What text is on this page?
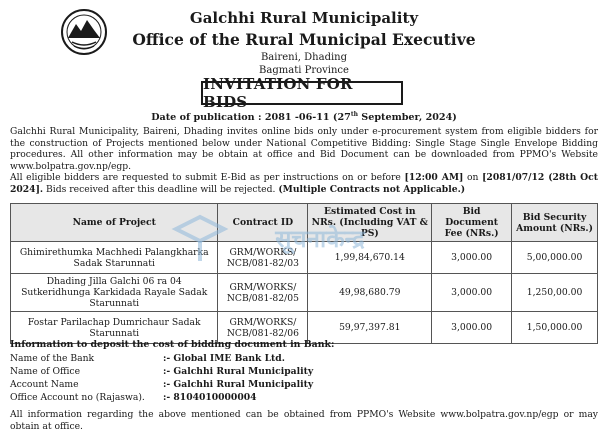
Galchhi Rural Municipality
Office of the Rural Municipal Executive
Baireni, Dhading
Bagmati Province
INVITATION FOR BIDS
Date of publication : 2081 -06-11 (27th September, 2024)

Galchhi Rural Municipality, Baireni, Dhading invites online bids only under e-procurement system from eligible bidders for the construction of Projects mentioned below under National Competitive Bidding: Single Stage Single Envelope Bidding procedures. All other information may be obtain at office and Bid Document can be downloaded from PPMO's Website www.bolpatra.gov.np/egp.

All eligible bidders are requested to submit E-Bid as per instructions on or before [12:00 AM] on [2081/07/12 (28th Oct 2024]. Bids received after this deadline will be rejected. (Multiple Contracts not Applicable.)

Name of Project	Contract ID	Estimated Cost in NRs. (Including VAT & PS)	Bid Document Fee (NRs.)	Bid Security Amount (NRs.)
Ghimirethumka Machhedi Palangkharka Sadak Starunnati	GRM/WORKS/ NCB/081-82/03	1,99,84,670.14	3,000.00	5,00,000.00
Dhading Jilla Galchi 06 ra 04 Sutkeridhunga Karkidada Rayale Sadak Starunnati	GRM/WORKS/ NCB/081-82/05	49,98,680.79	3,000.00	1,250,00.00
Fostar Parilachap Dumrichaur Sadak Starunnati	GRM/WORKS/ NCB/081-82/06	59,97,397.81	3,000.00	1,50,000.00
सूचनाकेन्द्र
Information to deposit the cost of bidding document in Bank:
Name of the Bank	:- Global IME Bank Ltd.
Name of Office	:- Galchhi Rural Municipality
Account Name	:- Galchhi Rural Municipality
Office Account no (Rajaswa).	:- 8104010000004
All information regarding the above mentioned can be obtained from PPMO's Website www.bolpatra.gov.np/egp or may obtain at office.
